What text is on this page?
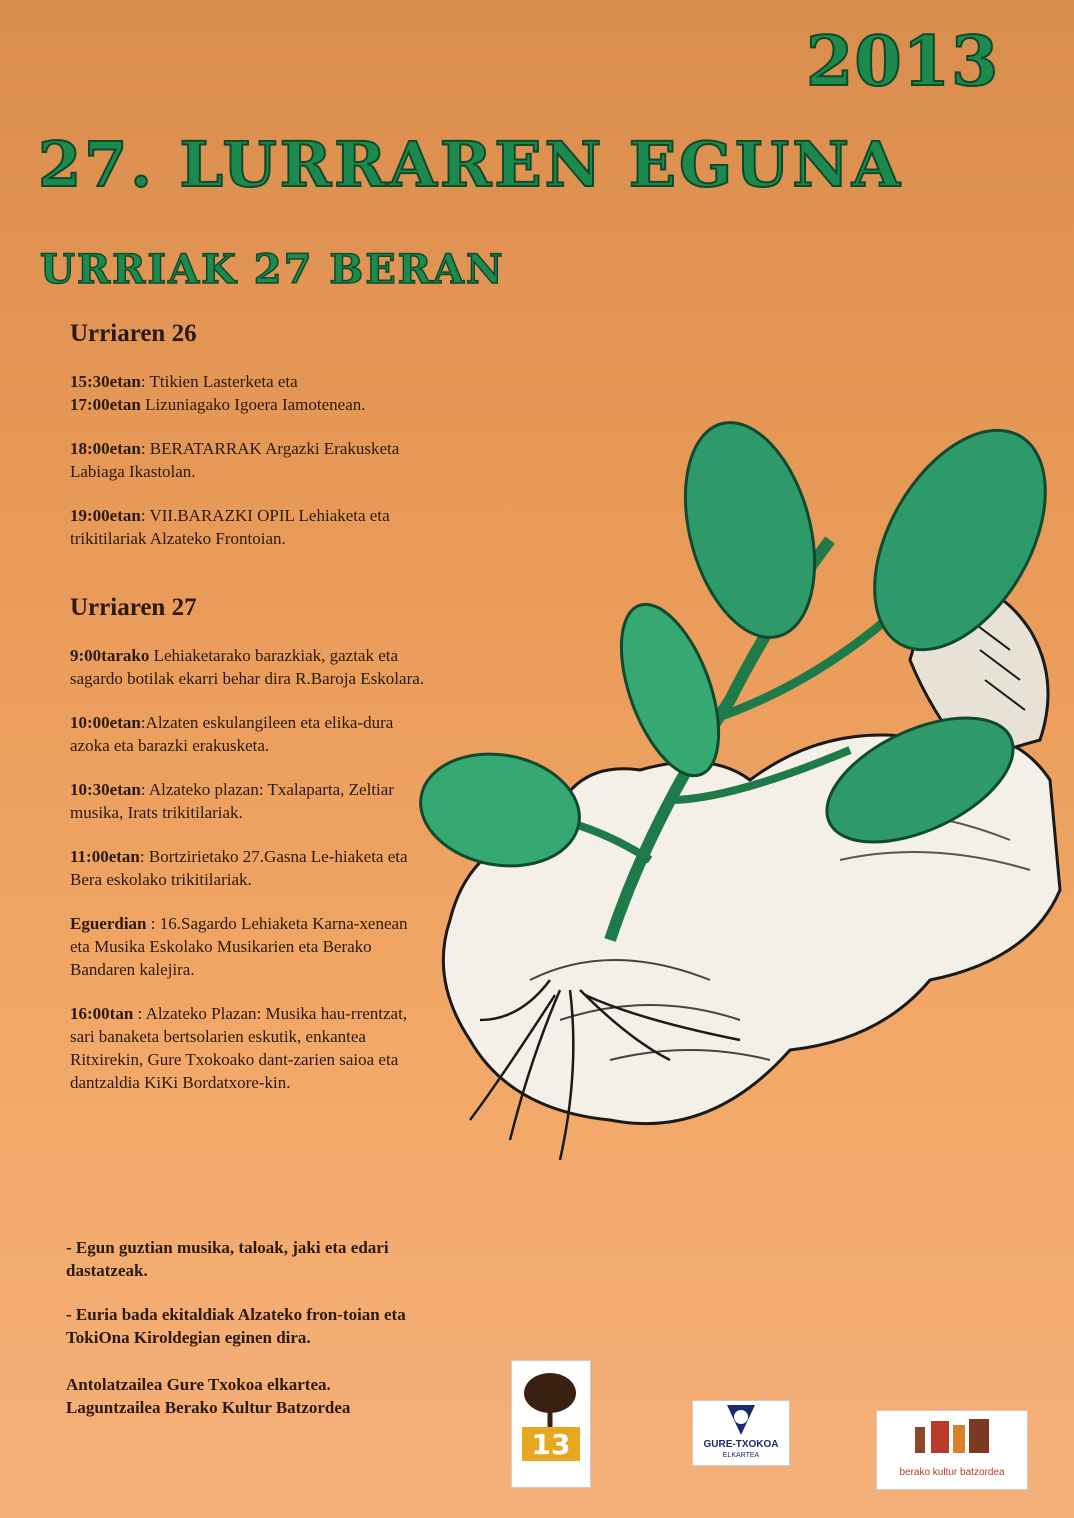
2013
27. LURRAREN EGUNA
URRIAK 27 BERAN
Urriaren 26
15:30etan: Ttikien Lasterketa eta
17:00etan Lizuniagako Igoera Iamotenean.
18:00etan: BERATARRAK Argazki Erakusketa Labiaga Ikastolan.
19:00etan: VII.BARAZKI OPIL Lehiaketa eta trikitilariak Alzateko Frontoian.
Urriaren 27
9:00tarako Lehiaketarako barazkiak, gaztak eta sagardo botilak ekarri behar dira R.Baroja Eskolara.
10:00etan:Alzaten eskulangileen eta elika-dura azoka eta barazki erakusketa.
10:30etan: Alzateko plazan: Txalaparta, Zeltiar musika, Irats trikitilariak.
11:00etan: Bortzirietako 27.Gasna Le-hiaketa eta Bera eskolako trikitilariak.
Eguerdian : 16.Sagardo Lehiaketa Karna-xenean eta Musika Eskolako Musikarien eta Berako Bandaren kalejira.
16:00tan : Alzateko Plazan: Musika hau-rrentzat, sari banaketa bertsolarien eskutik, enkantea Ritxirekin, Gure Txokoako dant-zarien saioa eta dantzaldia KiKi Bordatxore-kin.

- Egun guztian musika, taloak, jaki eta edari dastatzeak.

- Euria bada ekitaldiak Alzateko fron-toian eta TokiOna Kiroldegian eginen dira.

Antolatzailea Gure Txokoa elkartea.
Laguntzailea Berako Kultur Batzordea
13	GURE-TXOKOA
ELKARTEA
berako kultur batzordea
